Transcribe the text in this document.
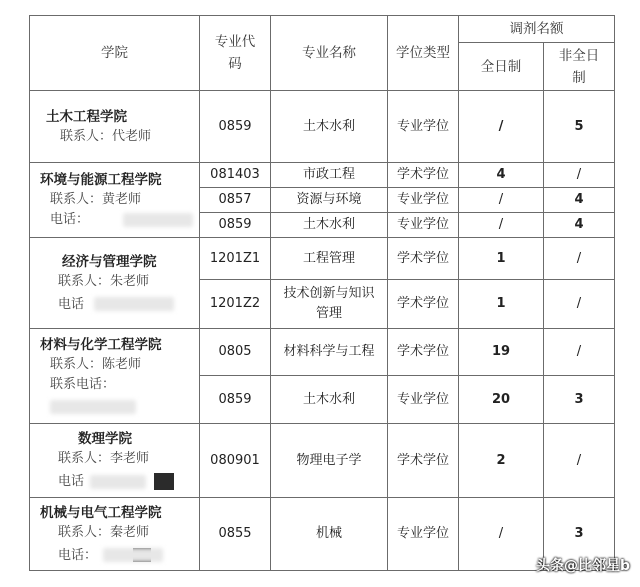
学院	专业代码	专业名称	学位类型	调剂名额	
				全日制	非全日制

土木工程学院
联系人：代老师	0859	土木水利	专业学位	/	5

环境与能源工程学院
联系人：黄老师
电话：	081403	市政工程	学术学位	4	/
	0857	资源与环境	专业学位	/	4
	0859	土木水利	专业学位	/	4

经济与管理学院
联系人：朱老师
电话	1201Z1	工程管理	学术学位	1	/
	1201Z2	技术创新与知识管理	学术学位	1	/

材料与化学工程学院
联系人：陈老师
联系电话：	0805	材料科学与工程	学术学位	19	/
	0859	土木水利	专业学位	20	3

数理学院
联系人：李老师
电话	080901	物理电子学	学术学位	2	/

机械与电气工程学院
联系人：秦老师
电话：	0855	机械	专业学位	/	3
头条@比邻星b
